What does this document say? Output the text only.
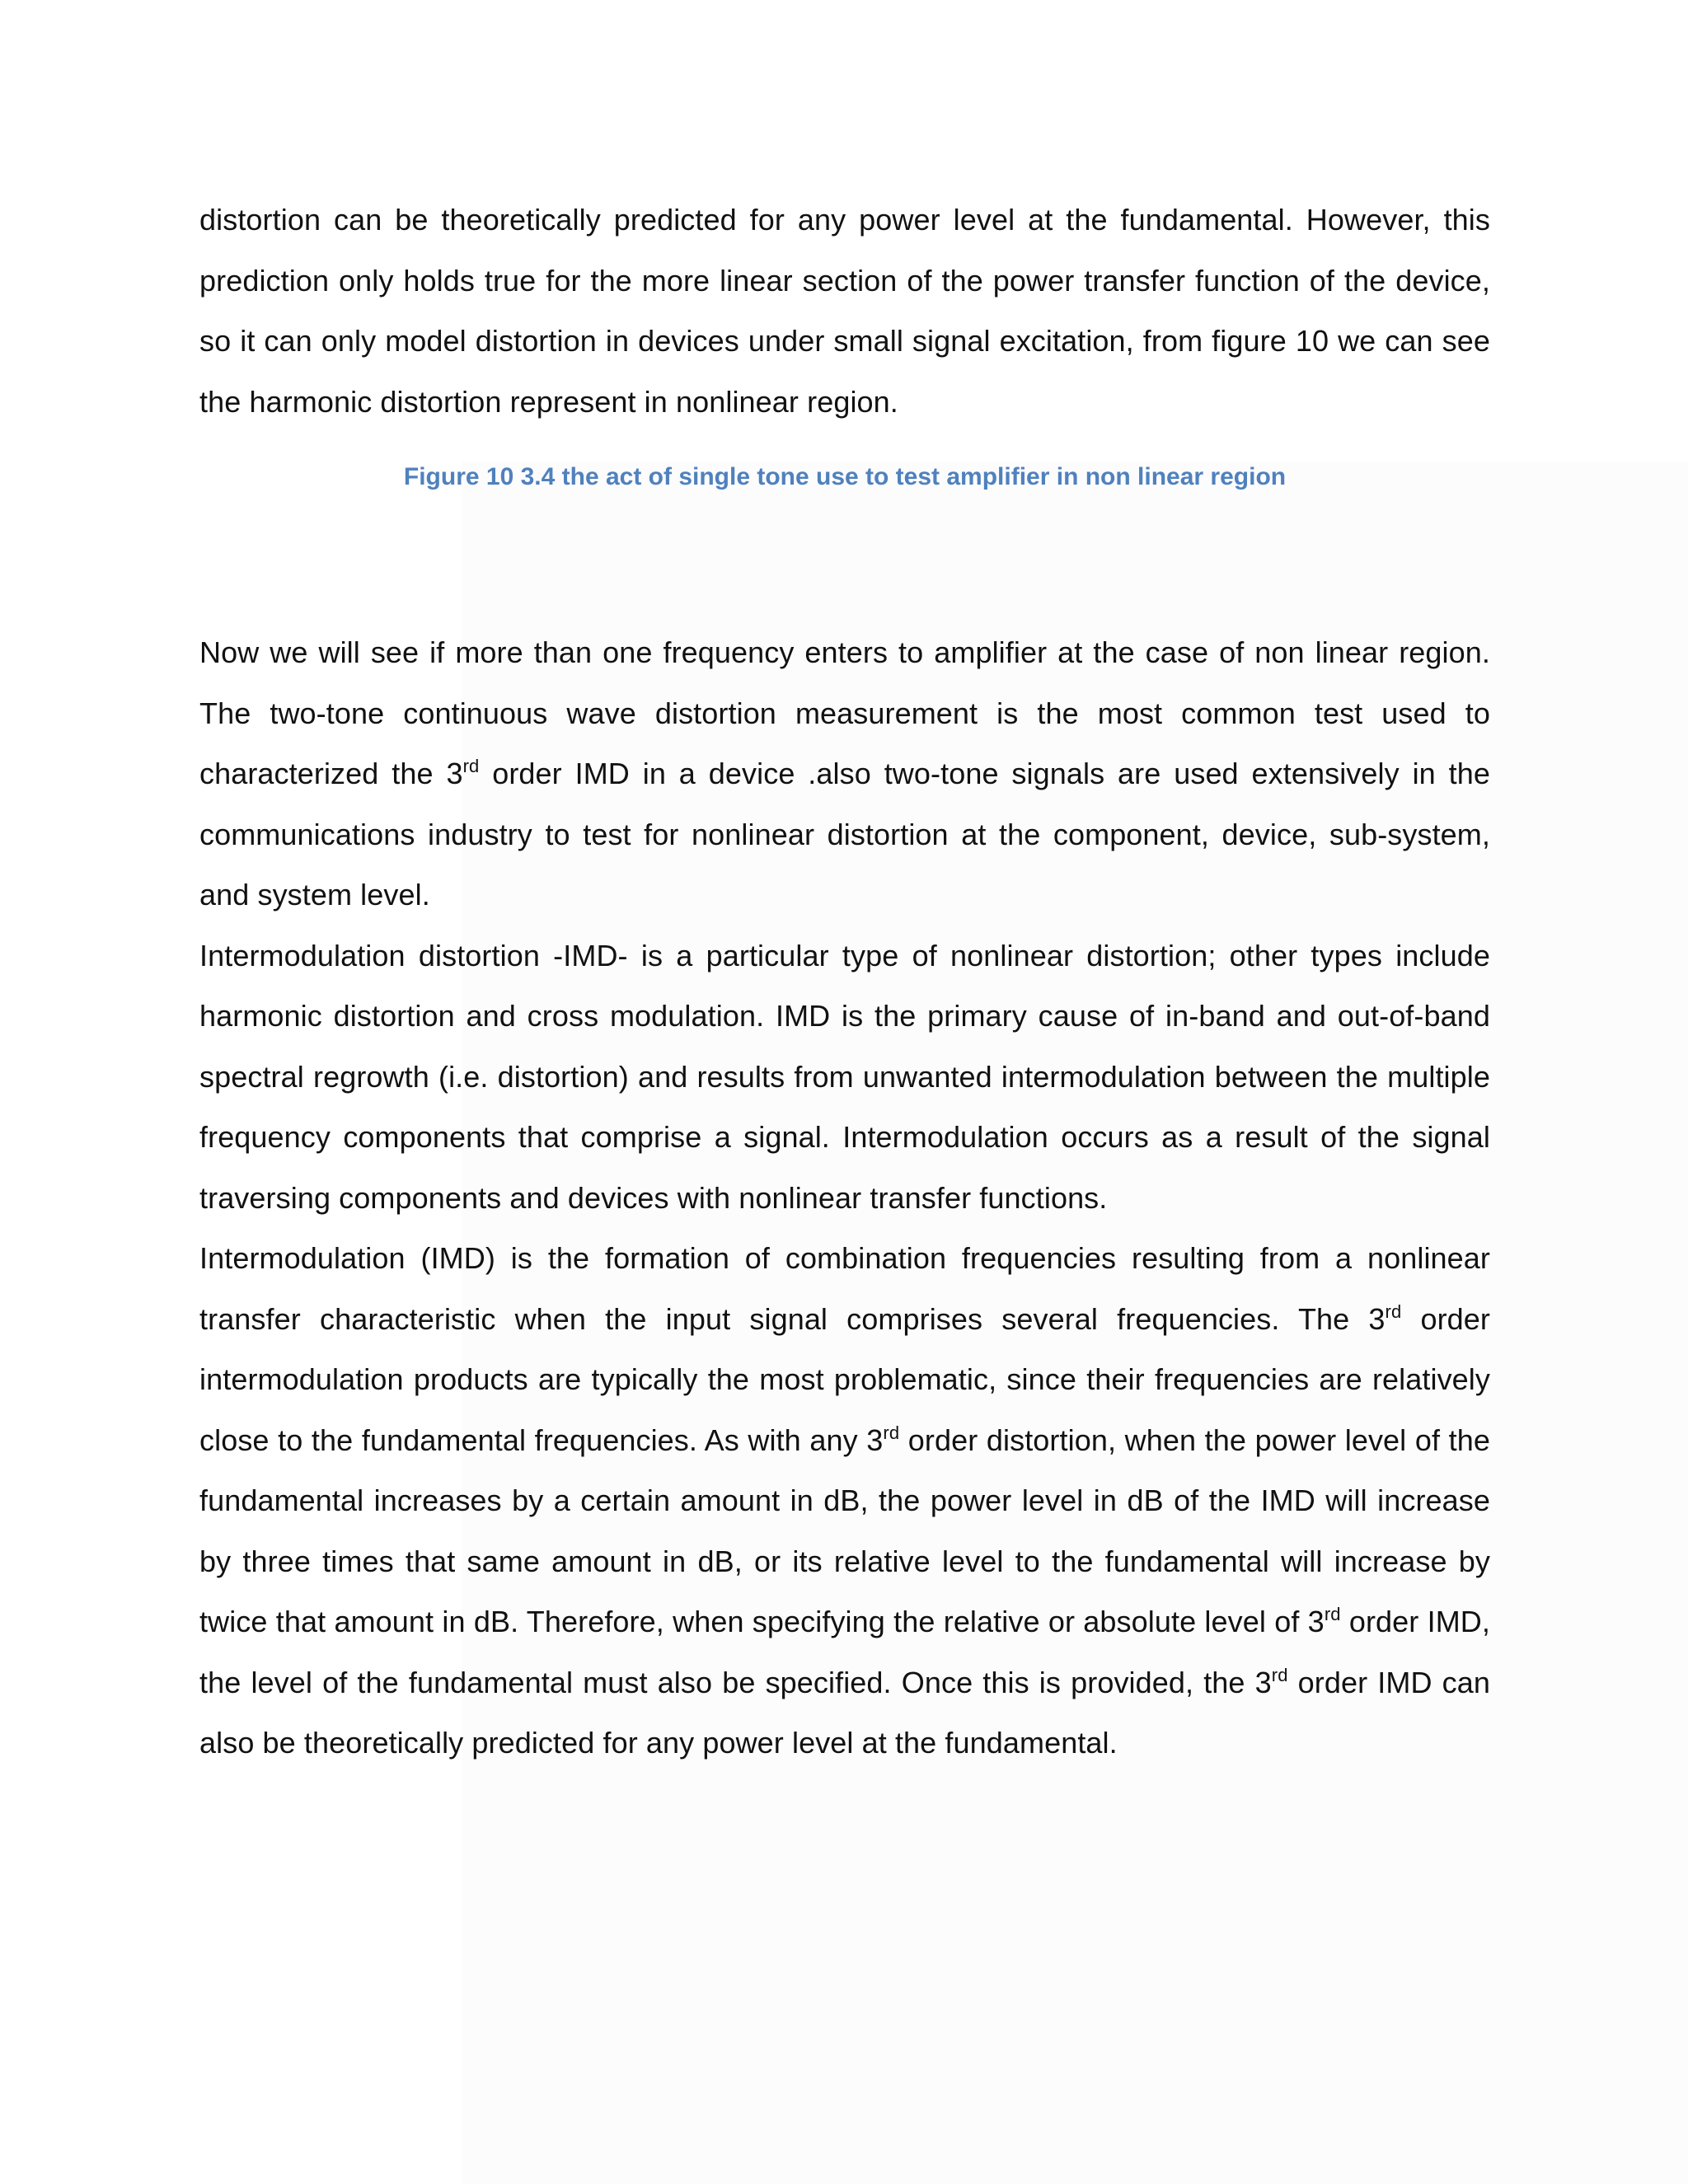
distortion can be theoretically predicted for any power level at the fundamental. However, this prediction only holds true for the more linear section of the power transfer function of the device, so it can only model distortion in devices under small signal excitation, from figure 10 we can see the harmonic distortion represent in nonlinear region.

Figure 10 3.4 the act of single tone use to test amplifier in non linear region

Now we will see if more than one frequency enters to amplifier at the case of non linear region. The two-tone continuous wave distortion measurement is the most common test used to characterized the 3rd order IMD in a device .also two-tone signals are used extensively in the communications industry to test for nonlinear distortion at the component, device, sub-system, and system level.

Intermodulation distortion -IMD- is a particular type of nonlinear distortion; other types include harmonic distortion and cross modulation. IMD is the primary cause of in-band and out-of-band spectral regrowth (i.e. distortion) and results from unwanted intermodulation between the multiple frequency components that comprise a signal. Intermodulation occurs as a result of the signal traversing components and devices with nonlinear transfer functions.

Intermodulation (IMD) is the formation of combination frequencies resulting from a nonlinear transfer characteristic when the input signal comprises several frequencies. The 3rd order intermodulation products are typically the most problematic, since their frequencies are relatively close to the fundamental frequencies. As with any 3rd order distortion, when the power level of the fundamental increases by a certain amount in dB, the power level in dB of the IMD will increase by three times that same amount in dB, or its relative level to the fundamental will increase by twice that amount in dB. Therefore, when specifying the relative or absolute level of 3rd order IMD, the level of the fundamental must also be specified. Once this is provided, the 3rd order IMD can also be theoretically predicted for any power level at the fundamental.
